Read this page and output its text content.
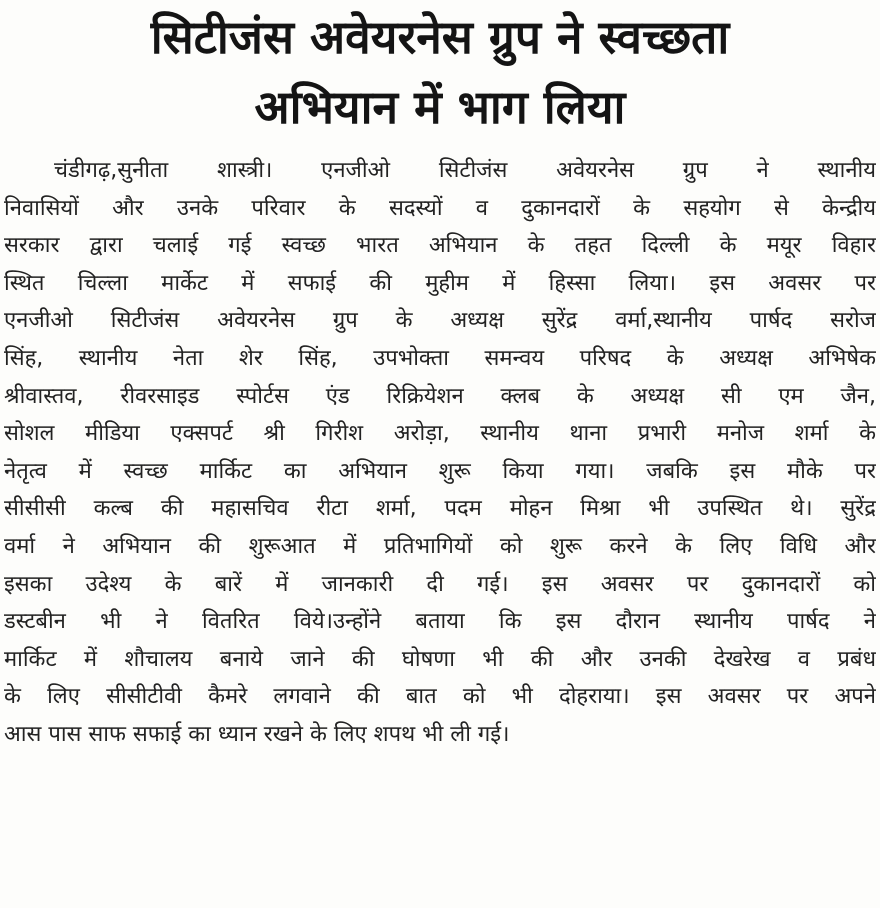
सिटीजंस अवेयरनेस ग्रुप ने स्वच्छता
अभियान में भाग लिया
चंडीगढ़,सुनीता शास्त्री। एनजीओ सिटीजंस अवेयरनेस ग्रुप ने स्थानीय
निवासियों और उनके परिवार के सदस्यों व दुकानदारों के सहयोग से केन्द्रीय
सरकार द्वारा चलाई गई स्वच्छ भारत अभियान के तहत दिल्ली के मयूर विहार
स्थित चिल्ला मार्केट में सफाई की मुहीम में हिस्सा लिया। इस अवसर पर
एनजीओ सिटीजंस अवेयरनेस ग्रुप के अध्यक्ष सुरेंद्र वर्मा,स्थानीय पार्षद सरोज
सिंह, स्थानीय नेता शेर सिंह, उपभोक्ता समन्वय परिषद के अध्यक्ष अभिषेक
श्रीवास्तव, रीवरसाइड स्पोर्टस एंड रिक्रियेशन क्लब के अध्यक्ष सी एम जैन,
सोशल मीडिया एक्सपर्ट श्री गिरीश अरोड़ा, स्थानीय थाना प्रभारी मनोज शर्मा के
नेतृत्व में स्वच्छ मार्किट का अभियान शुरू किया गया। जबकि इस मौके पर
सीसीसी कल्ब की महासचिव रीटा शर्मा, पदम मोहन मिश्रा भी उपस्थित थे। सुरेंद्र
वर्मा ने अभियान की शुरूआत में प्रतिभागियों को शुरू करने के लिए विधि और
इसका उदेश्य के बारें में जानकारी दी गई। इस अवसर पर दुकानदारों को
डस्टबीन भी ने वितरित विये।उन्होंने बताया कि इस दौरान स्थानीय पार्षद ने
मार्किट में शौचालय बनाये जाने की घोषणा भी की और उनकी देखरेख व प्रबंध
के लिए सीसीटीवी कैमरे लगवाने की बात को भी दोहराया। इस अवसर पर अपने
आस पास साफ सफाई का ध्यान रखने के लिए शपथ भी ली गई।
